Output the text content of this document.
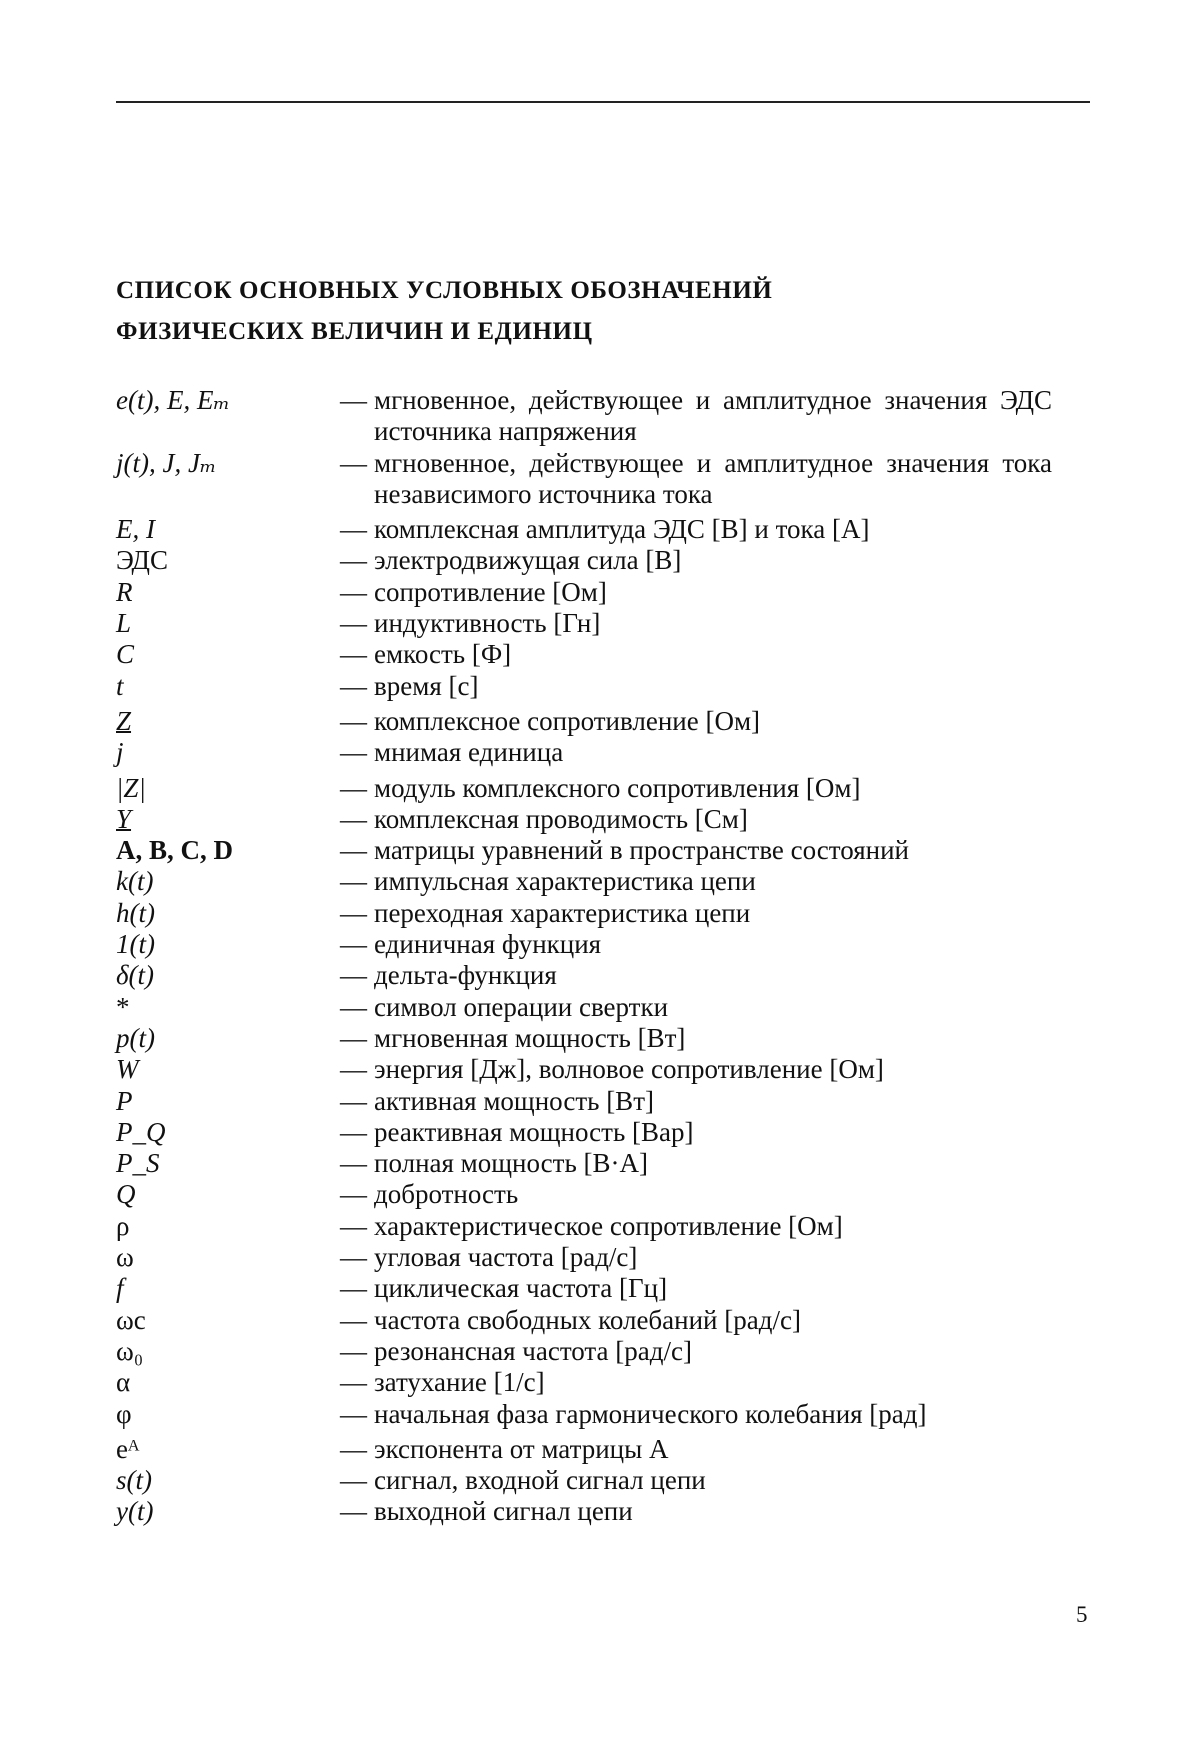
СПИСОК ОСНОВНЫХ УСЛОВНЫХ ОБОЗНАЧЕНИЙ
ФИЗИЧЕСКИХ ВЕЛИЧИН И ЕДИНИЦ
e(t), E, Eₘ	— мгновенное, действующее и амплитудное значения ЭДС источника напряжения
j(t), J, Jₘ	— мгновенное, действующее и амплитудное значения тока независимого источника тока
E, I	— комплексная амплитуда ЭДС [В] и тока [А]
ЭДС	— электродвижущая сила [В]
R	— сопротивление [Ом]
L	— индуктивность [Гн]
C	— емкость [Ф]
t	— время [с]
Z	— комплексное сопротивление [Ом]
j	— мнимая единица
|Z|	— модуль комплексного сопротивления [Ом]
Y	— комплексная проводимость [См]
A, B, C, D	— матрицы уравнений в пространстве состояний
k(t)	— импульсная характеристика цепи
h(t)	— переходная характеристика цепи
1(t)	— единичная функция
δ(t)	— дельта-функция
*	— символ операции свертки
p(t)	— мгновенная мощность [Вт]
W	— энергия [Дж], волновое сопротивление [Ом]
P	— активная мощность [Вт]
P_Q	— реактивная мощность [Вар]
P_S	— полная мощность [В·А]
Q	— добротность
ρ	— характеристическое сопротивление [Ом]
ω	— угловая частота [рад/с]
f	— циклическая частота [Гц]
ωс	— частота свободных колебаний [рад/с]
ω₀	— резонансная частота [рад/с]
α	— затухание [1/с]
φ	— начальная фаза гармонического колебания [рад]
eᴬ	— экспонента от матрицы А
s(t)	— сигнал, входной сигнал цепи
y(t)	— выходной сигнал цепи
5
